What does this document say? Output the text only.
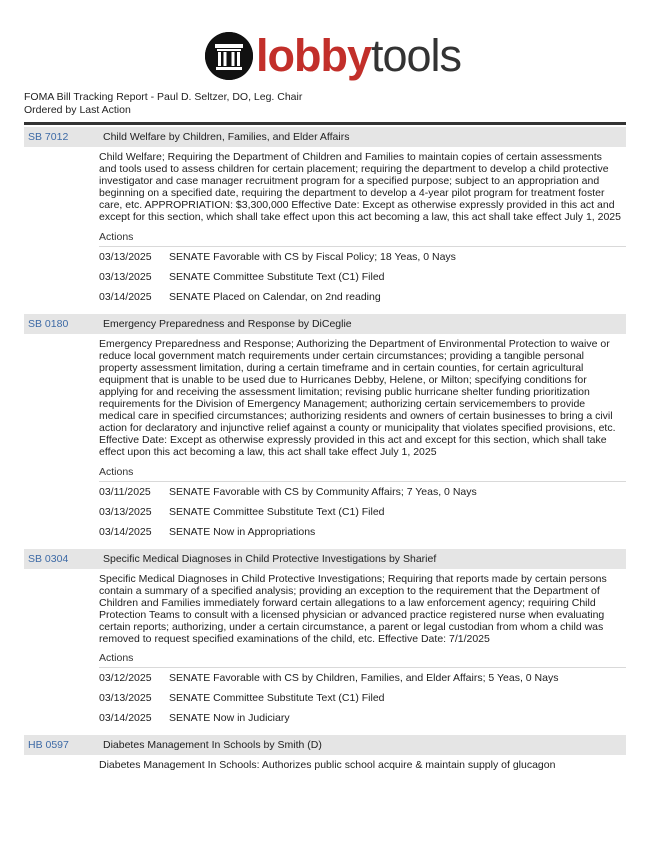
lobbytools
FOMA Bill Tracking Report - Paul D. Seltzer, DO, Leg. Chair
Ordered by Last Action
SB 7012	Child Welfare by Children, Families, and Elder Affairs

Child Welfare; Requiring the Department of Children and Families to maintain copies of certain assessments and tools used to assess children for certain placement; requiring the department to develop a child protective investigator and case manager recruitment program for a specified purpose; subject to an appropriation and beginning on a specified date, requiring the department to develop a 4-year pilot program for treatment foster care, etc. APPROPRIATION: $3,300,000 Effective Date: Except as otherwise expressly provided in this act and except for this section, which shall take effect upon this act becoming a law, this act shall take effect July 1, 2025

Actions
03/13/2025	SENATE Favorable with CS by Fiscal Policy; 18 Yeas, 0 Nays
03/13/2025	SENATE Committee Substitute Text (C1) Filed
03/14/2025	SENATE Placed on Calendar, on 2nd reading
SB 0180	Emergency Preparedness and Response by DiCeglie

Emergency Preparedness and Response; Authorizing the Department of Environmental Protection to waive or reduce local government match requirements under certain circumstances; providing a tangible personal property assessment limitation, during a certain timeframe and in certain counties, for certain agricultural equipment that is unable to be used due to Hurricanes Debby, Helene, or Milton; specifying conditions for applying for and receiving the assessment limitation; revising public hurricane shelter funding prioritization requirements for the Division of Emergency Management; authorizing certain servicemembers to provide medical care in specified circumstances; authorizing residents and owners of certain businesses to bring a civil action for declaratory and injunctive relief against a county or municipality that violates specified provisions, etc. Effective Date: Except as otherwise expressly provided in this act and except for this section, which shall take effect upon this act becoming a law, this act shall take effect July 1, 2025

Actions
03/11/2025	SENATE Favorable with CS by Community Affairs; 7 Yeas, 0 Nays
03/13/2025	SENATE Committee Substitute Text (C1) Filed
03/14/2025	SENATE Now in Appropriations
SB 0304	Specific Medical Diagnoses in Child Protective Investigations by Sharief

Specific Medical Diagnoses in Child Protective Investigations; Requiring that reports made by certain persons contain a summary of a specified analysis; providing an exception to the requirement that the Department of Children and Families immediately forward certain allegations to a law enforcement agency; requiring Child Protection Teams to consult with a licensed physician or advanced practice registered nurse when evaluating certain reports; authorizing, under a certain circumstance, a parent or legal custodian from whom a child was removed to request specified examinations of the child, etc. Effective Date: 7/1/2025

Actions
03/12/2025	SENATE Favorable with CS by Children, Families, and Elder Affairs; 5 Yeas, 0 Nays
03/13/2025	SENATE Committee Substitute Text (C1) Filed
03/14/2025	SENATE Now in Judiciary
HB 0597	Diabetes Management In Schools by Smith (D)

Diabetes Management In Schools: Authorizes public school acquire & maintain supply of glucagon
